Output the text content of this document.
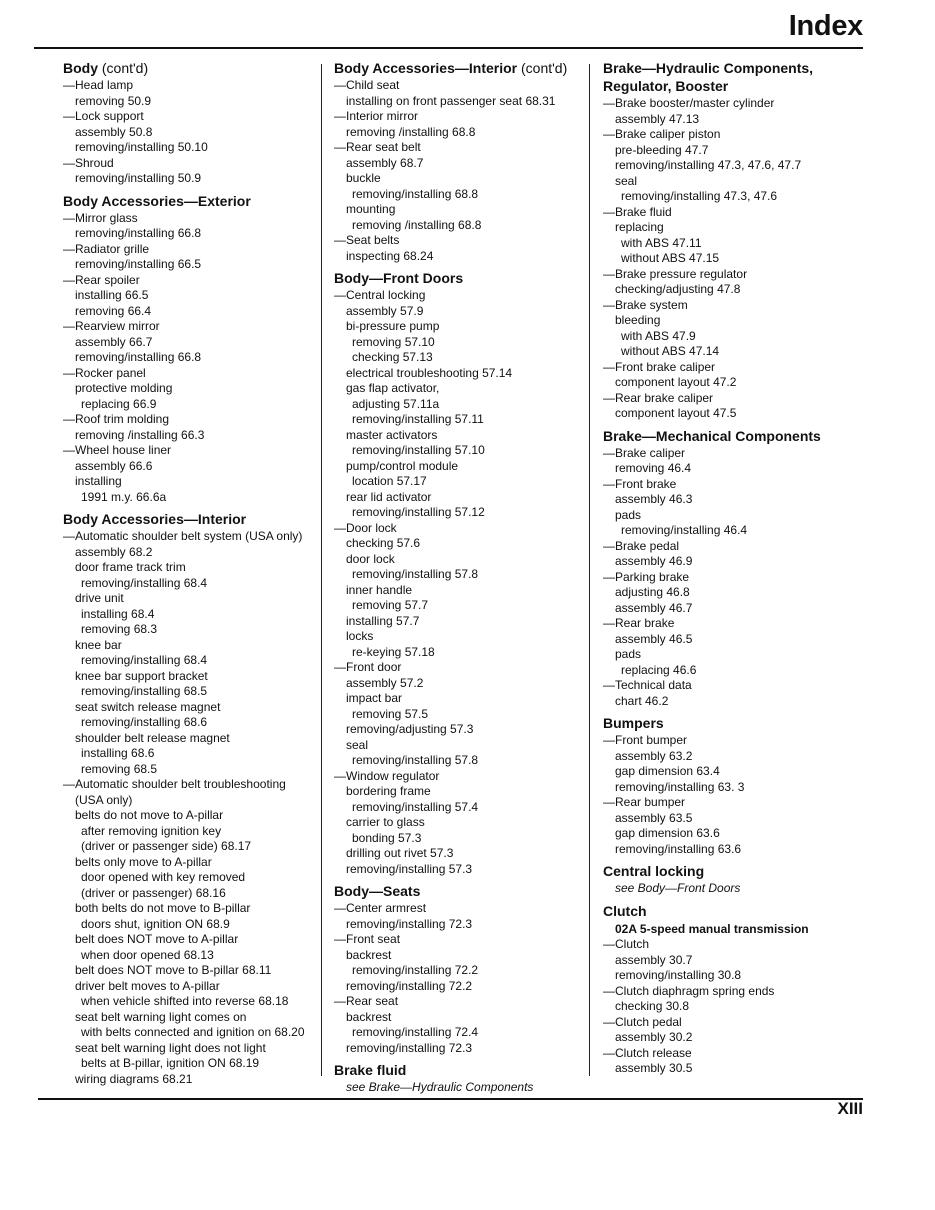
Index
Body (cont'd)
—Head lamp
removing 50.9
—Lock support
assembly 50.8
removing/installing 50.10
—Shroud
removing/installing 50.9
Body Accessories—Exterior
—Mirror glass
removing/installing 66.8
—Radiator grille
removing/installing 66.5
—Rear spoiler
installing 66.5
removing 66.4
—Rearview mirror
assembly 66.7
removing/installing 66.8
—Rocker panel
protective molding
replacing 66.9
—Roof trim molding
removing /installing 66.3
—Wheel house liner
assembly 66.6
installing
1991 m.y. 66.6a
Body Accessories—Interior
—Automatic shoulder belt system (USA only)
assembly 68.2
door frame track trim
removing/installing 68.4
drive unit
installing 68.4
removing 68.3
knee bar
removing/installing 68.4
knee bar support bracket
removing/installing 68.5
seat switch release magnet
removing/installing 68.6
shoulder belt release magnet
installing 68.6
removing 68.5
—Automatic shoulder belt troubleshooting
(USA only)
belts do not move to A-pillar
after removing ignition key
(driver or passenger side) 68.17
belts only move to A-pillar
door opened with key removed
(driver or passenger) 68.16
both belts do not move to B-pillar
doors shut, ignition ON 68.9
belt does NOT move to A-pillar
when door opened 68.13
belt does NOT move to B-pillar 68.11
driver belt moves to A-pillar
when vehicle shifted into reverse 68.18
seat belt warning light comes on
with belts connected and ignition on 68.20
seat belt warning light does not light
belts at B-pillar, ignition ON 68.19
wiring diagrams 68.21
Body Accessories—Interior (cont'd)
—Child seat
installing on front passenger seat 68.31
—Interior mirror
removing /installing 68.8
—Rear seat belt
assembly 68.7
buckle
removing/installing 68.8
mounting
removing /installing 68.8
—Seat belts
inspecting 68.24
Body—Front Doors
—Central locking
assembly 57.9
bi-pressure pump
removing 57.10
checking 57.13
electrical troubleshooting 57.14
gas flap activator,
adjusting 57.11a
removing/installing 57.11
master activators
removing/installing 57.10
pump/control module
location 57.17
rear lid activator
removing/installing 57.12
—Door lock
checking 57.6
door lock
removing/installing 57.8
inner handle
removing 57.7
installing 57.7
locks
re-keying 57.18
—Front door
assembly 57.2
impact bar
removing 57.5
removing/adjusting 57.3
seal
removing/installing 57.8
—Window regulator
bordering frame
removing/installing 57.4
carrier to glass
bonding 57.3
drilling out rivet 57.3
removing/installing 57.3
Body—Seats
—Center armrest
removing/installing 72.3
—Front seat
backrest
removing/installing 72.2
removing/installing 72.2
—Rear seat
backrest
removing/installing 72.4
removing/installing 72.3
Brake fluid
see Brake—Hydraulic Components
Brake—Hydraulic Components,
Regulator, Booster
—Brake booster/master cylinder
assembly 47.13
—Brake caliper piston
pre-bleeding 47.7
removing/installing 47.3, 47.6, 47.7
seal
removing/installing 47.3, 47.6
—Brake fluid
replacing
with ABS 47.11
without ABS 47.15
—Brake pressure regulator
checking/adjusting 47.8
—Brake system
bleeding
with ABS 47.9
without ABS 47.14
—Front brake caliper
component layout 47.2
—Rear brake caliper
component layout 47.5
Brake—Mechanical Components
—Brake caliper
removing 46.4
—Front brake
assembly 46.3
pads
removing/installing 46.4
—Brake pedal
assembly 46.9
—Parking brake
adjusting 46.8
assembly 46.7
—Rear brake
assembly 46.5
pads
replacing 46.6
—Technical data
chart 46.2
Bumpers
—Front bumper
assembly 63.2
gap dimension 63.4
removing/installing 63. 3
—Rear bumper
assembly 63.5
gap dimension 63.6
removing/installing 63.6
Central locking
see Body—Front Doors
Clutch
02A 5-speed manual transmission
—Clutch
assembly 30.7
removing/installing 30.8
—Clutch diaphragm spring ends
checking 30.8
—Clutch pedal
assembly 30.2
—Clutch release
assembly 30.5
XIII
